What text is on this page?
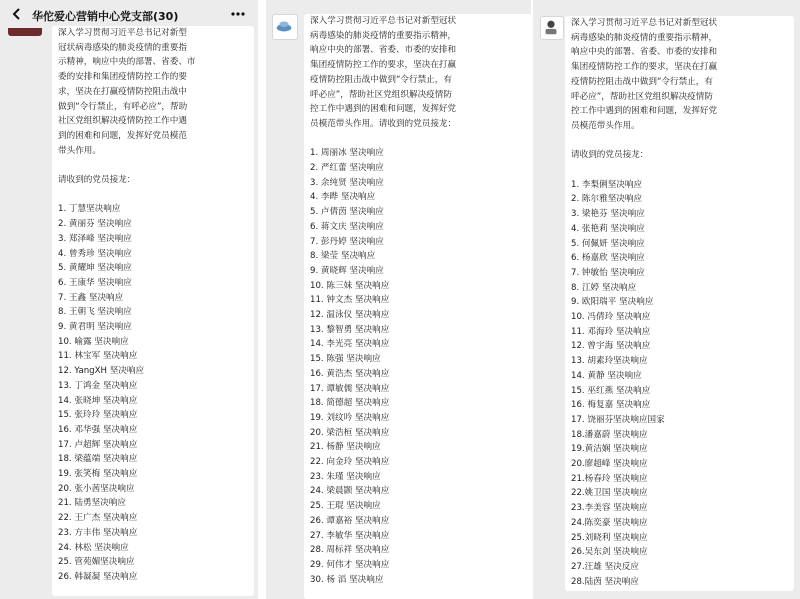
华佗爱心营销中心党支部(30)

深入学习贯彻习近平总书记对新型
冠状病毒感染的肺炎疫情的重要指
示精神，响应中央的部署、省委、市
委的安排和集团疫情防控工作的要
求，坚决在打赢疫情防控阻击战中
做到“令行禁止，有呼必应”，帮助
社区党组织解决疫情防控工作中遇
到的困难和问题，发挥好党员模范
带头作用。

请收到的党员接龙：

1. 丁慧坚决响应
2. 黄丽芬 坚决响应
3. 郑泽峰 坚决响应
4. 曾秀珍 坚决响应
5. 黄耀坤 坚决响应
6. 王康华 坚决响应
7. 王鑫 坚决响应
8. 王朝飞 坚决响应
9. 黄君明 坚决响应
10. 喻露 坚决响应
11. 林宝军 坚决响应
12. YangXH 坚决响应
13. 丁鸿金 坚决响应
14. 张晓坤 坚决响应
15. 张玲玲 坚决响应
16. 邓华强 坚决响应
17. 卢超辉 坚决响应
18. 梁蕴端 坚决响应
19. 张笑梅 坚决响应
20. 张小茜坚决响应
21. 陆勇坚决响应
22. 王广杰 坚决响应
23. 方丰伟 坚决响应
24. 林松 坚决响应
25. 管苑媚坚决响应
26. 韩凝凝 坚决响应

深入学习贯彻习近平总书记对新型冠状
病毒感染的肺炎疫情的重要指示精神，
响应中央的部署、省委、市委的安排和
集团疫情防控工作的要求，坚决在打赢
疫情防控阻击战中做到“令行禁止，有
呼必应”，帮助社区党组织解决疫情防
控工作中遇到的困难和问题，发挥好党
员模范带头作用。请收到的党员接龙：

1. 周丽冰 坚决响应
2. 严红蕾 坚决响应
3. 余纯贤 坚决响应
4. 李晔 坚决响应
5. 卢倩茵 坚决响应
6. 蒋文庆 坚决响应
7. 彭丹婷 坚决响应
8. 梁莹 坚决响应
9. 黄晓辉 坚决响应
10. 陈三妹 坚决响应
11. 钟文杰 坚决响应
12. 温泳仪 坚决响应
13. 黎智勇 坚决响应
14. 李光亮 坚决响应
15. 陈强 坚决响应
16. 黄浩杰 坚决响应
17. 谭敏儒 坚决响应
18. 简德超 坚决响应
19. 刘纹吟 坚决响应
20. 梁浩桓 坚决响应
21. 杨静 坚决响应
22. 向金玲 坚决响应
23. 朱瑾 坚决响应
24. 梁晨颢 坚决响应
25. 王琨 坚决响应
26. 谭嘉裕 坚决响应
27. 李敏华 坚决响应
28. 周标祥 坚决响应
29. 何伟才 坚决响应
30. 杨 滔 坚决响应

深入学习贯彻习近平总书记对新型冠状
病毒感染的肺炎疫情的重要指示精神，
响应中央的部署、省委、市委的安排和
集团疫情防控工作的要求，坚决在打赢
疫情防控阻击战中做到“令行禁止，有
呼必应”，帮助社区党组织解决疫情防
控工作中遇到的困难和问题，发挥好党
员模范带头作用。

请收到的党员接龙：

1. 李梨俐坚决响应
2. 陈尔雅坚决响应
3. 梁艳芬 坚决响应
4. 张艳莉 坚决响应
5. 何佩妍 坚决响应
6. 杨嘉欣 坚决响应
7. 钟敏怡 坚决响应
8. 江婷 坚决响应
9. 欧阳瑞平 坚决响应
10. 冯倩玲 坚决响应
11. 邓海玲 坚决响应
12. 曾宇海 坚决响应
13. 胡素玲坚决响应
14. 黄静 坚决响应
15. 巫红燕 坚决响应
16. 梅复嘉 坚决响应
17. 饶丽芬坚决响应国家
18.潘嘉蔚 坚决响应
19.黄洁娴 坚决响应
20.廖超峰 坚决响应
21.杨春玲 坚决响应
22.姚卫国 坚决响应
23.李美容 坚决响应
24.陈奕豪 坚决响应
25.刘晓利 坚决响应
26.吴东剑 坚决响应
27.汪雄 坚决反应
28.陆茵 坚决响应
